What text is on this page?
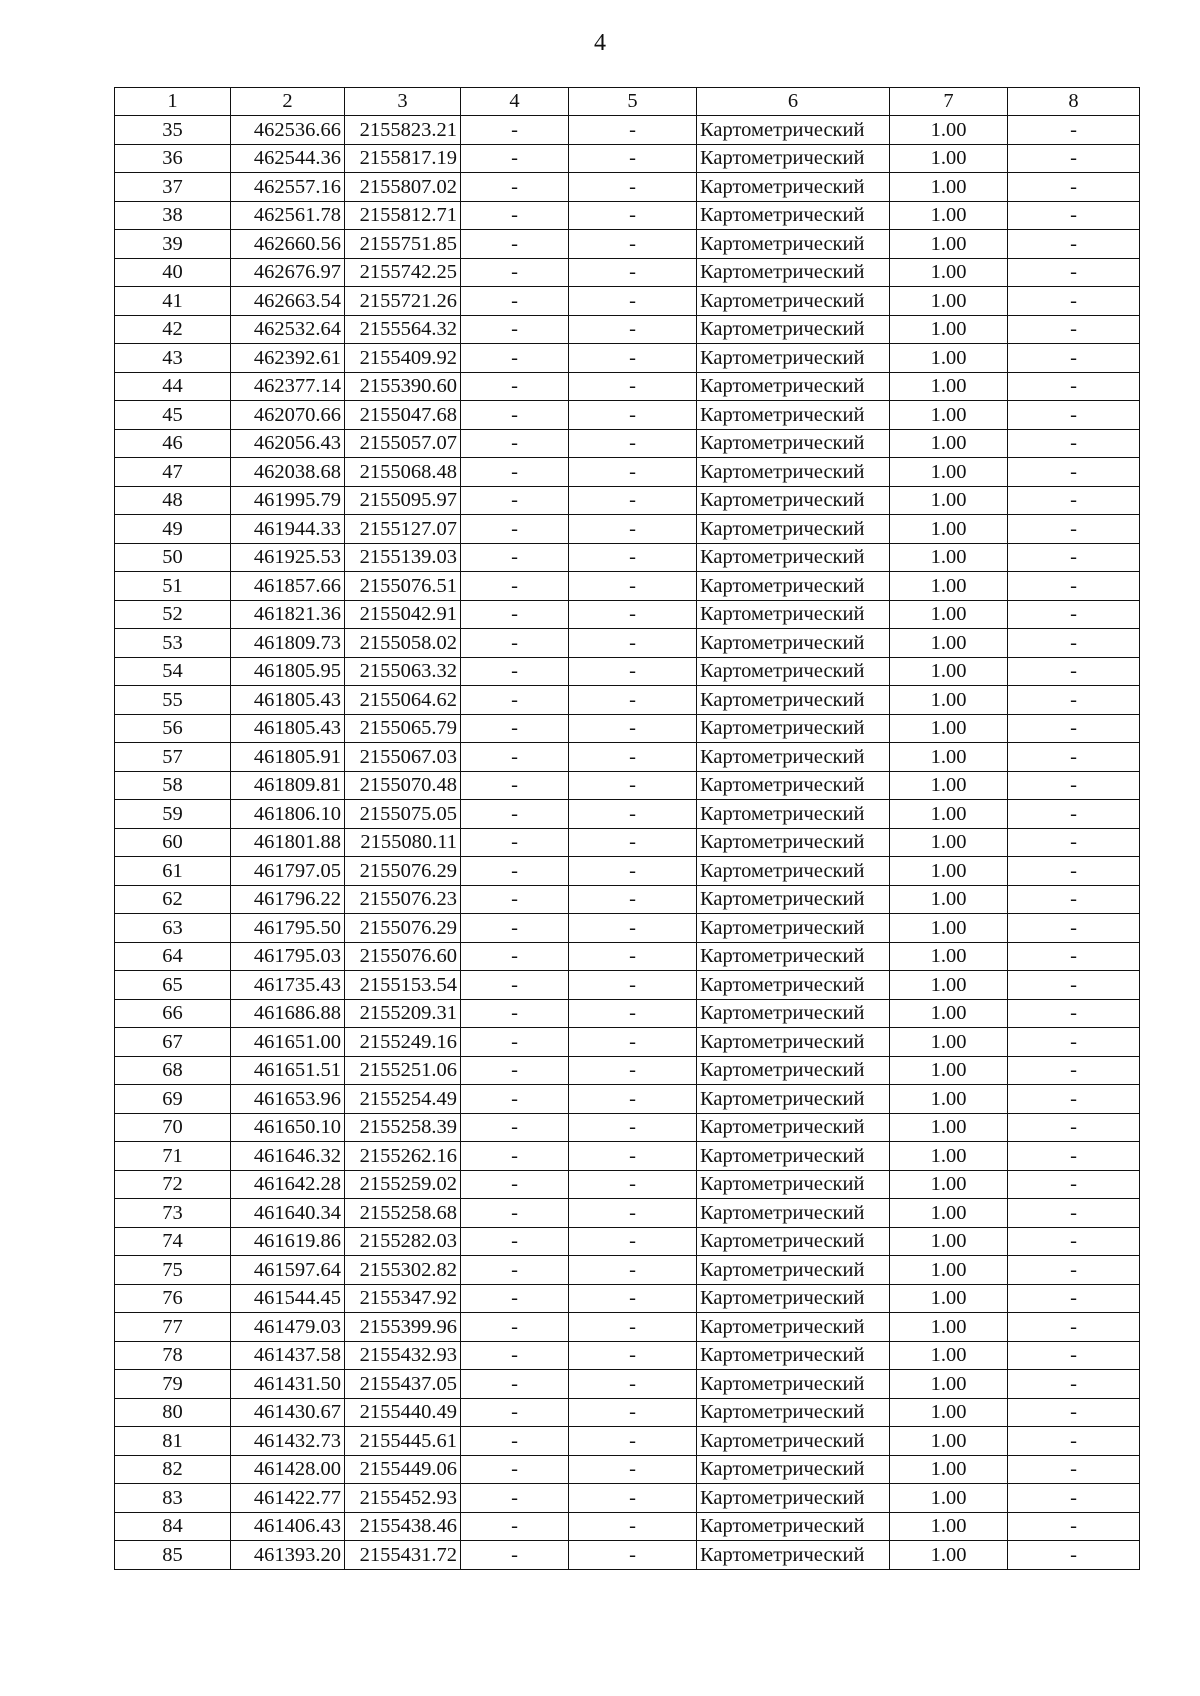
4
1	2	3	4	5	6	7	8
35	462536.66	2155823.21	-	-	Картометрический	1.00	-
36	462544.36	2155817.19	-	-	Картометрический	1.00	-
37	462557.16	2155807.02	-	-	Картометрический	1.00	-
38	462561.78	2155812.71	-	-	Картометрический	1.00	-
39	462660.56	2155751.85	-	-	Картометрический	1.00	-
40	462676.97	2155742.25	-	-	Картометрический	1.00	-
41	462663.54	2155721.26	-	-	Картометрический	1.00	-
42	462532.64	2155564.32	-	-	Картометрический	1.00	-
43	462392.61	2155409.92	-	-	Картометрический	1.00	-
44	462377.14	2155390.60	-	-	Картометрический	1.00	-
45	462070.66	2155047.68	-	-	Картометрический	1.00	-
46	462056.43	2155057.07	-	-	Картометрический	1.00	-
47	462038.68	2155068.48	-	-	Картометрический	1.00	-
48	461995.79	2155095.97	-	-	Картометрический	1.00	-
49	461944.33	2155127.07	-	-	Картометрический	1.00	-
50	461925.53	2155139.03	-	-	Картометрический	1.00	-
51	461857.66	2155076.51	-	-	Картометрический	1.00	-
52	461821.36	2155042.91	-	-	Картометрический	1.00	-
53	461809.73	2155058.02	-	-	Картометрический	1.00	-
54	461805.95	2155063.32	-	-	Картометрический	1.00	-
55	461805.43	2155064.62	-	-	Картометрический	1.00	-
56	461805.43	2155065.79	-	-	Картометрический	1.00	-
57	461805.91	2155067.03	-	-	Картометрический	1.00	-
58	461809.81	2155070.48	-	-	Картометрический	1.00	-
59	461806.10	2155075.05	-	-	Картометрический	1.00	-
60	461801.88	2155080.11	-	-	Картометрический	1.00	-
61	461797.05	2155076.29	-	-	Картометрический	1.00	-
62	461796.22	2155076.23	-	-	Картометрический	1.00	-
63	461795.50	2155076.29	-	-	Картометрический	1.00	-
64	461795.03	2155076.60	-	-	Картометрический	1.00	-
65	461735.43	2155153.54	-	-	Картометрический	1.00	-
66	461686.88	2155209.31	-	-	Картометрический	1.00	-
67	461651.00	2155249.16	-	-	Картометрический	1.00	-
68	461651.51	2155251.06	-	-	Картометрический	1.00	-
69	461653.96	2155254.49	-	-	Картометрический	1.00	-
70	461650.10	2155258.39	-	-	Картометрический	1.00	-
71	461646.32	2155262.16	-	-	Картометрический	1.00	-
72	461642.28	2155259.02	-	-	Картометрический	1.00	-
73	461640.34	2155258.68	-	-	Картометрический	1.00	-
74	461619.86	2155282.03	-	-	Картометрический	1.00	-
75	461597.64	2155302.82	-	-	Картометрический	1.00	-
76	461544.45	2155347.92	-	-	Картометрический	1.00	-
77	461479.03	2155399.96	-	-	Картометрический	1.00	-
78	461437.58	2155432.93	-	-	Картометрический	1.00	-
79	461431.50	2155437.05	-	-	Картометрический	1.00	-
80	461430.67	2155440.49	-	-	Картометрический	1.00	-
81	461432.73	2155445.61	-	-	Картометрический	1.00	-
82	461428.00	2155449.06	-	-	Картометрический	1.00	-
83	461422.77	2155452.93	-	-	Картометрический	1.00	-
84	461406.43	2155438.46	-	-	Картометрический	1.00	-
85	461393.20	2155431.72	-	-	Картометрический	1.00	-
